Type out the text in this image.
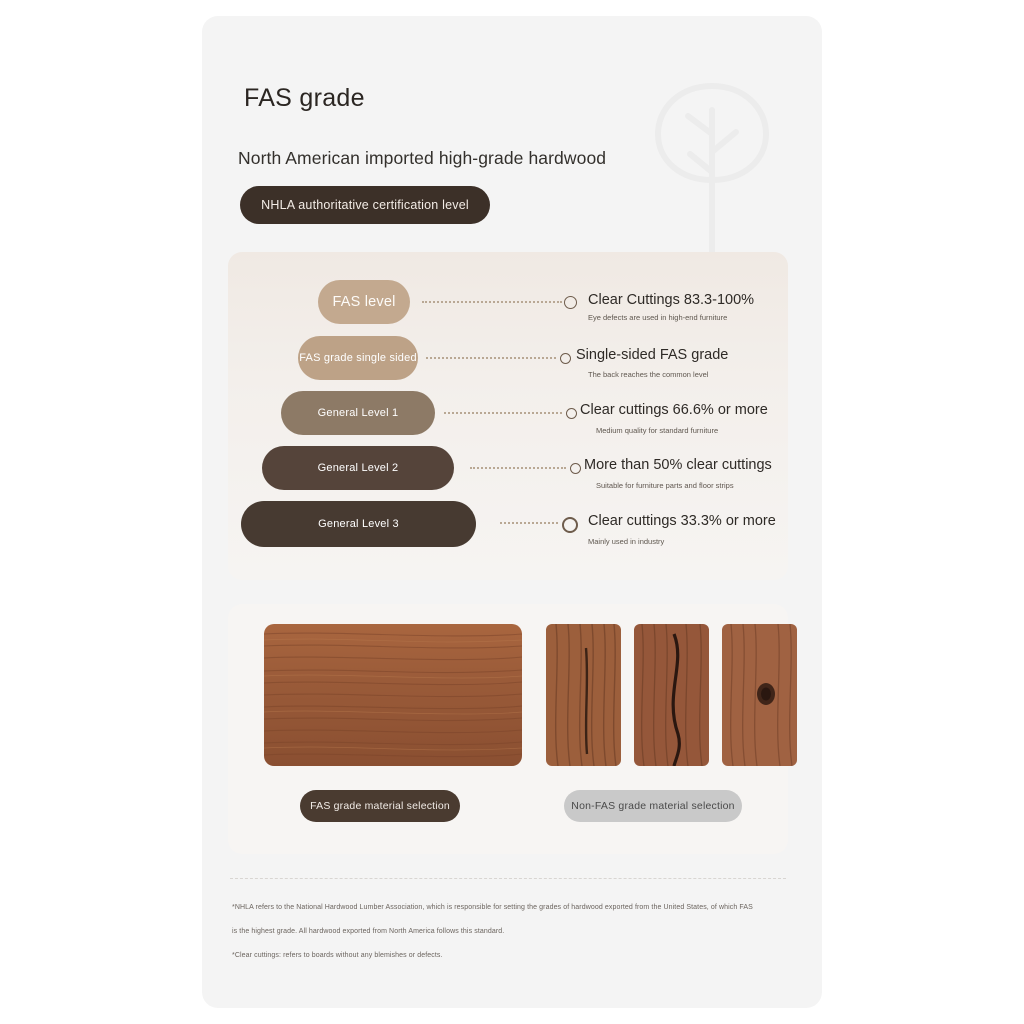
FAS grade
North American imported high-grade hardwood
NHLA authoritative certification level
FAS level	Clear Cuttings 83.3-100%
Eye defects are used in high-end furniture
FAS grade single sided	Single-sided FAS grade
The back reaches the common level
General Level 1	Clear cuttings 66.6% or more
Medium quality for standard furniture
General Level 2	More than 50% clear cuttings
Suitable for furniture parts and floor strips
General Level 3	Clear cuttings 33.3% or more
Mainly used in industry
FAS grade material selection	Non-FAS grade material selection
*NHLA refers to the National Hardwood Lumber Association, which is responsible for setting the grades of hardwood exported from the United States, of which FAS
is the highest grade. All hardwood exported from North America follows this standard.
*Clear cuttings: refers to boards without any blemishes or defects.
